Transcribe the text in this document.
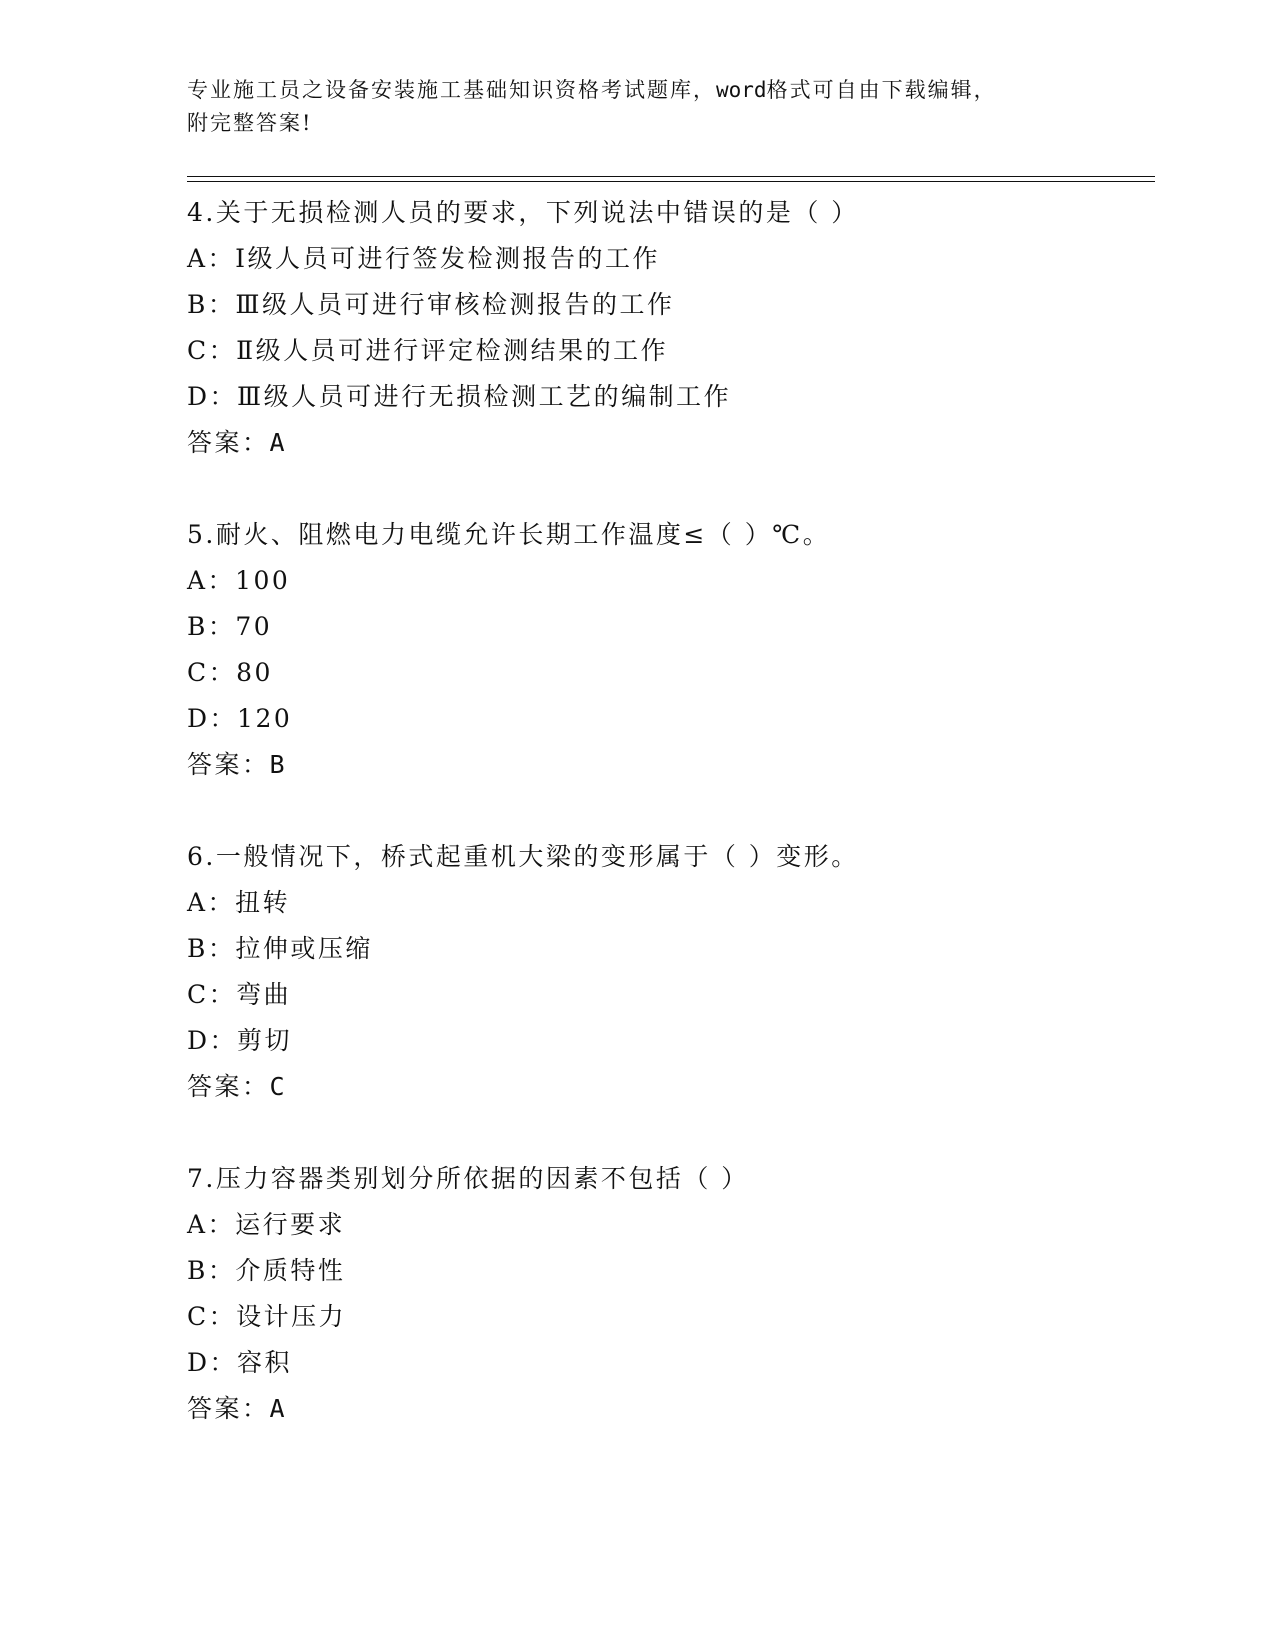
专业施工员之设备安装施工基础知识资格考试题库，word格式可自由下载编辑，
附完整答案!
4.关于无损检测人员的要求，下列说法中错误的是（ ）
A：Ⅰ级人员可进行签发检测报告的工作
B：Ⅲ级人员可进行审核检测报告的工作
C：Ⅱ级人员可进行评定检测结果的工作
D：Ⅲ级人员可进行无损检测工艺的编制工作
答案：A
5.耐火、阻燃电力电缆允许长期工作温度≤（ ）℃。
A：100
B：70
C：80
D：120
答案：B
6.一般情况下，桥式起重机大梁的变形属于（ ）变形。
A：扭转
B：拉伸或压缩
C：弯曲
D：剪切
答案：C
7.压力容器类别划分所依据的因素不包括（ ）
A：运行要求
B：介质特性
C：设计压力
D：容积
答案：A
